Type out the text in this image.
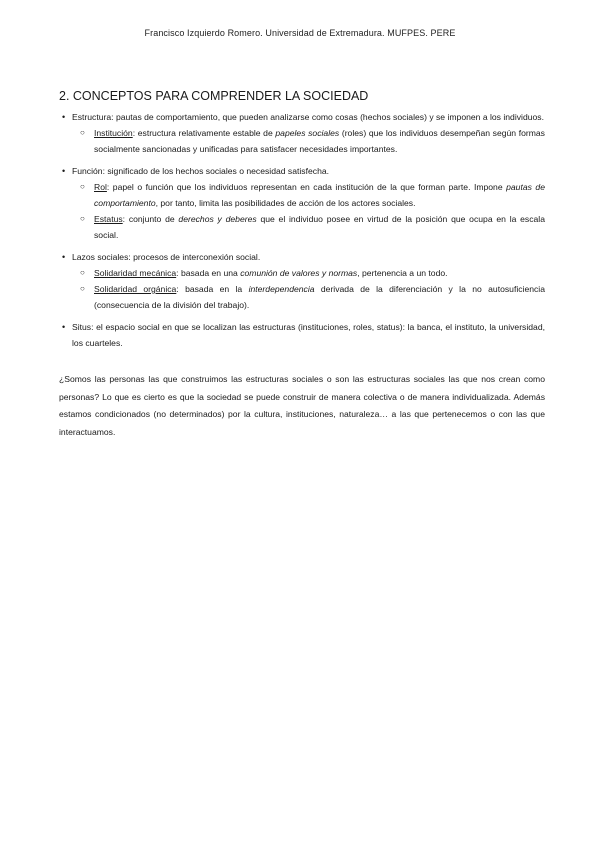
Francisco Izquierdo Romero. Universidad de Extremadura. MUFPES. PERE
2. CONCEPTOS PARA COMPRENDER LA SOCIEDAD
• Estructura: pautas de comportamiento, que pueden analizarse como cosas (hechos sociales) y se imponen a los individuos.
○ Institución: estructura relativamente estable de papeles sociales (roles) que los individuos desempeñan según formas socialmente sancionadas y unificadas para satisfacer necesidades importantes.
• Función: significado de los hechos sociales o necesidad satisfecha.
○ Rol: papel o función que los individuos representan en cada institución de la que forman parte. Impone pautas de comportamiento, por tanto, limita las posibilidades de acción de los actores sociales.
○ Estatus: conjunto de derechos y deberes que el individuo posee en virtud de la posición que ocupa en la escala social.
• Lazos sociales: procesos de interconexión social.
○ Solidaridad mecánica: basada en una comunión de valores y normas, pertenencia a un todo.
○ Solidaridad orgánica: basada en la interdependencia derivada de la diferenciación y la no autosuficiencia (consecuencia de la división del trabajo).
• Situs: el espacio social en que se localizan las estructuras (instituciones, roles, status): la banca, el instituto, la universidad, los cuarteles.

¿Somos las personas las que construimos las estructuras sociales o son las estructuras sociales las que nos crean como personas? Lo que es cierto es que la sociedad se puede construir de manera colectiva o de manera individualizada. Además estamos condicionados (no determinados) por la cultura, instituciones, naturaleza… a las que pertenecemos o con las que interactuamos.
